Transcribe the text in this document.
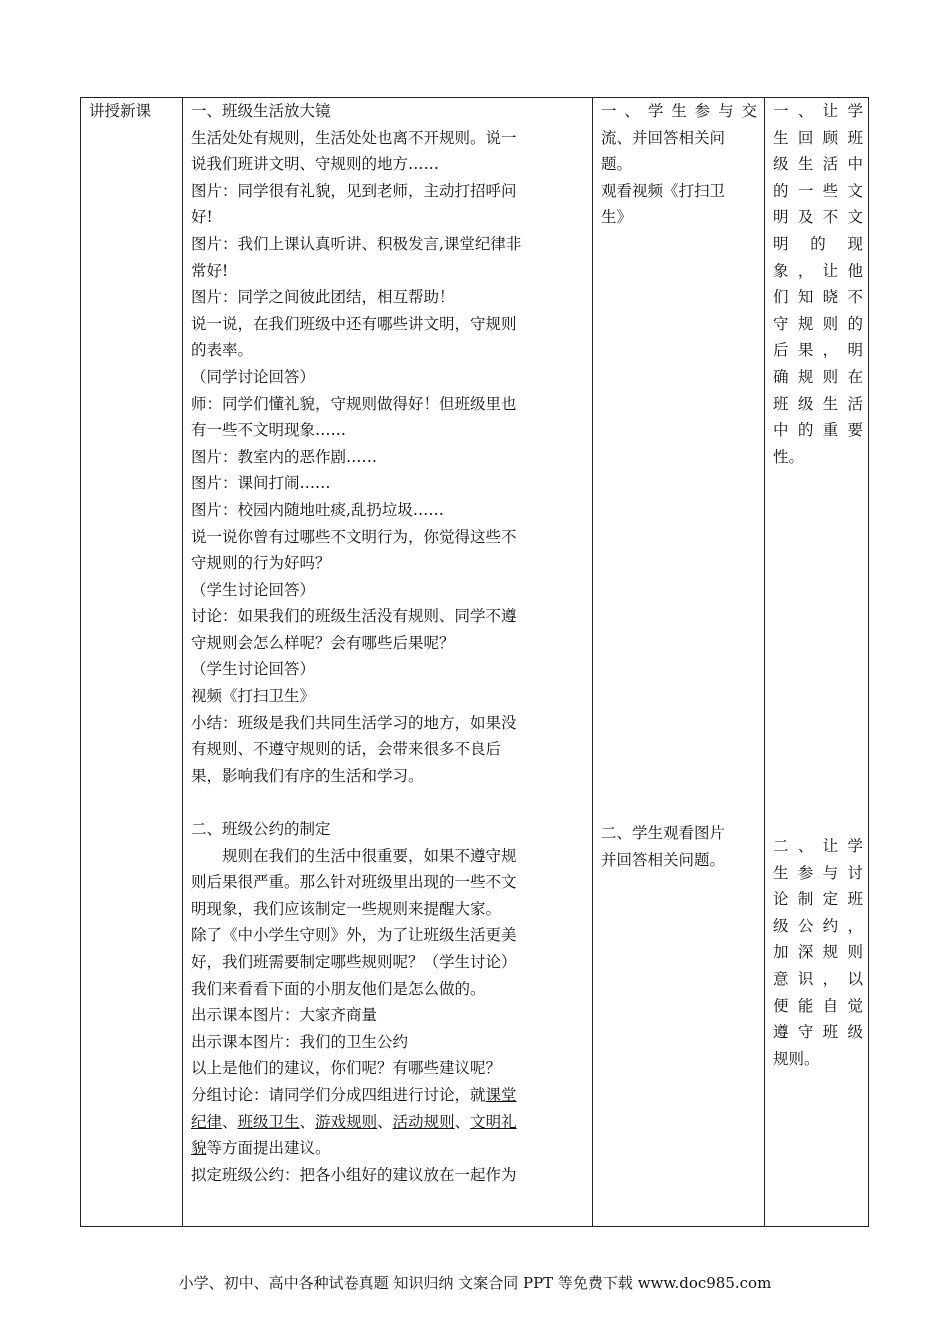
讲授新课	一、班级生活放大镜

生活处处有规则，生活处处也离不开规则。说一

说我们班讲文明、守规则的地方……

图片：同学很有礼貌，见到老师，主动打招呼问

好!

图片：我们上课认真听讲、积极发言,课堂纪律非

常好!

图片：同学之间彼此团结，相互帮助！

说一说，在我们班级中还有哪些讲文明，守规则

的表率。

（同学讨论回答）

师：同学们懂礼貌，守规则做得好！但班级里也

有一些不文明现象……

图片：教室内的恶作剧……

图片：课间打闹……

图片：校园内随地吐痰,乱扔垃圾……

说一说你曾有过哪些不文明行为，你觉得这些不

守规则的行为好吗？

（学生讨论回答）

讨论：如果我们的班级生活没有规则、同学不遵

守规则会怎么样呢？会有哪些后果呢？

（学生讨论回答）

视频《打扫卫生》

小结：班级是我们共同生活学习的地方，如果没

有规则、不遵守规则的话，会带来很多不良后

果，影响我们有序的生活和学习。

二、班级公约的制定

规则在我们的生活中很重要，如果不遵守规

则后果很严重。那么针对班级里出现的一些不文

明现象，我们应该制定一些规则来提醒大家。

除了《中小学生守则》外，为了让班级生活更美

好，我们班需要制定哪些规则呢？（学生讨论）

我们来看看下面的小朋友他们是怎么做的。

出示课本图片：大家齐商量

出示课本图片：我们的卫生公约

以上是他们的建议，你们呢？有哪些建议呢？

分组讨论：请同学们分成四组进行讨论，就课堂

纪律、班级卫生、游戏规则、活动规则、文明礼

貌等方面提出建议。

拟定班级公约：把各小组好的建议放在一起作为

一、学生参与交

流、并回答相关问

题。

观看视频《打扫卫

生》

二、学生观看图片

并回答相关问题。

一、让学

生回顾班

级生活中

的一些文

明及不文

明的现

象，让他

们知晓不

守规则的

后果，明

确规则在

班级生活

中的重要

性。

二、让学

生参与讨

论制定班

级公约，

加深规则

意识，以

便能自觉

遵守班级

规则。

小学、初中、高中各种试卷真题 知识归纳 文案合同 PPT 等免费下载 www.doc985.com
